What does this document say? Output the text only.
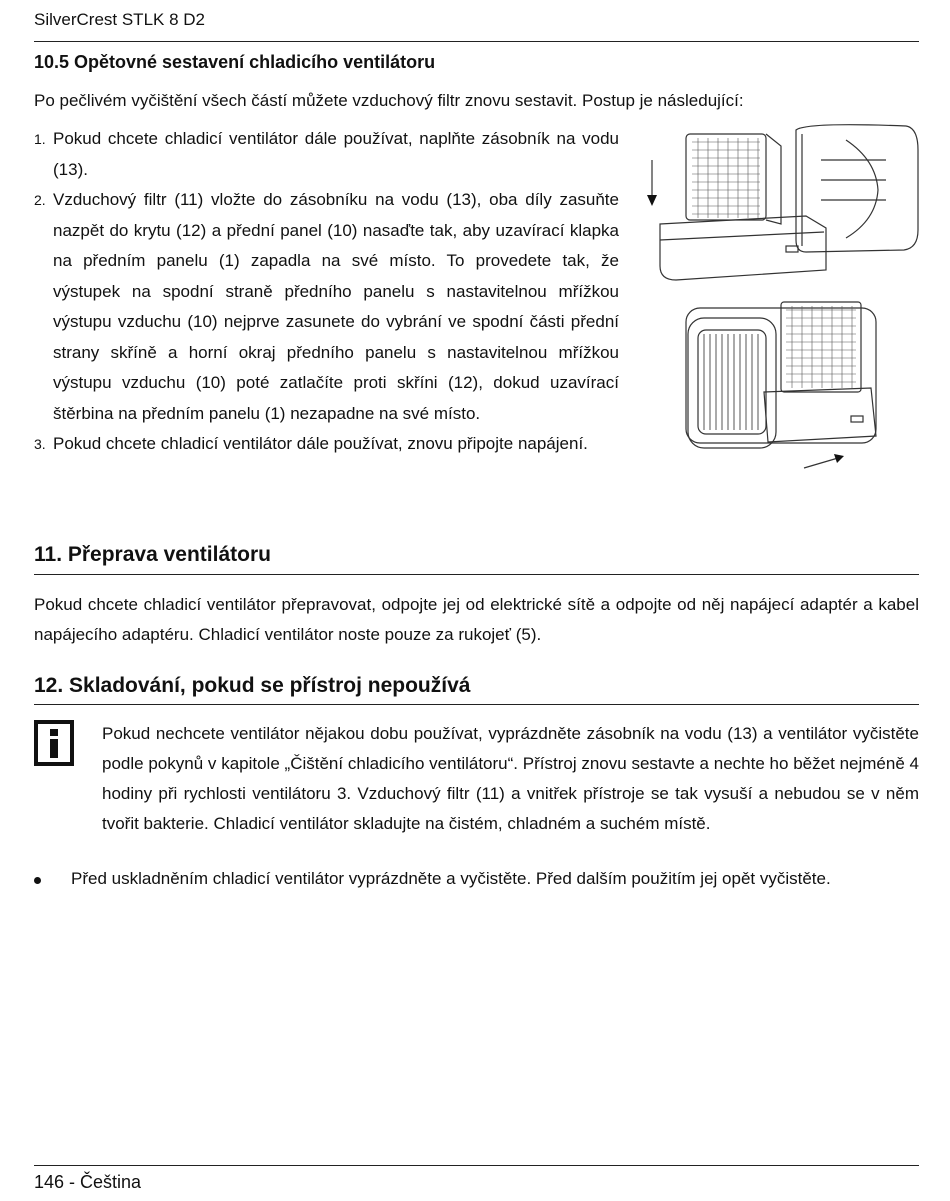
SilverCrest STLK 8 D2
10.5 Opětovné sestavení chladicího ventilátoru
Po pečlivém vyčištění všech částí můžete vzduchový filtr znovu sestavit. Postup je následující:
1. Pokud chcete chladicí ventilátor dále používat, naplňte zásobník na vodu (13).
2. Vzduchový filtr (11) vložte do zásobníku na vodu (13), oba díly zasuňte nazpět do krytu (12) a přední panel (10) nasaďte tak, aby uzavírací klapka na předním panelu (1) zapadla na své místo. To provedete tak, že výstupek na spodní straně předního panelu s nastavitelnou mřížkou výstupu vzduchu (10) nejprve zasunete do vybrání ve spodní části přední strany skříně a horní okraj předního panelu s nastavitelnou mřížkou výstupu vzduchu (10) poté zatlačíte proti skříni (12), dokud uzavírací štěrbina na předním panelu (1) nezapadne na své místo.
3. Pokud chcete chladicí ventilátor dále používat, znovu připojte napájení.
11. Přeprava ventilátoru
Pokud chcete chladicí ventilátor přepravovat, odpojte jej od elektrické sítě a odpojte od něj napájecí adaptér a kabel napájecího adaptéru. Chladicí ventilátor noste pouze za rukojeť (5).
12. Skladování, pokud se přístroj nepoužívá
Pokud nechcete ventilátor nějakou dobu používat, vyprázdněte zásobník na vodu (13) a ventilátor vyčistěte podle pokynů v kapitole „Čištění chladicího ventilátoru“. Přístroj znovu sestavte a nechte ho běžet nejméně 4 hodiny při rychlosti ventilátoru 3. Vzduchový filtr (11) a vnitřek přístroje se tak vysuší a nebudou se v něm tvořit bakterie. Chladicí ventilátor skladujte na čistém, chladném a suchém místě.
Před uskladněním chladicí ventilátor vyprázdněte a vyčistěte. Před dalším použitím jej opět vyčistěte.
146 - Čeština
